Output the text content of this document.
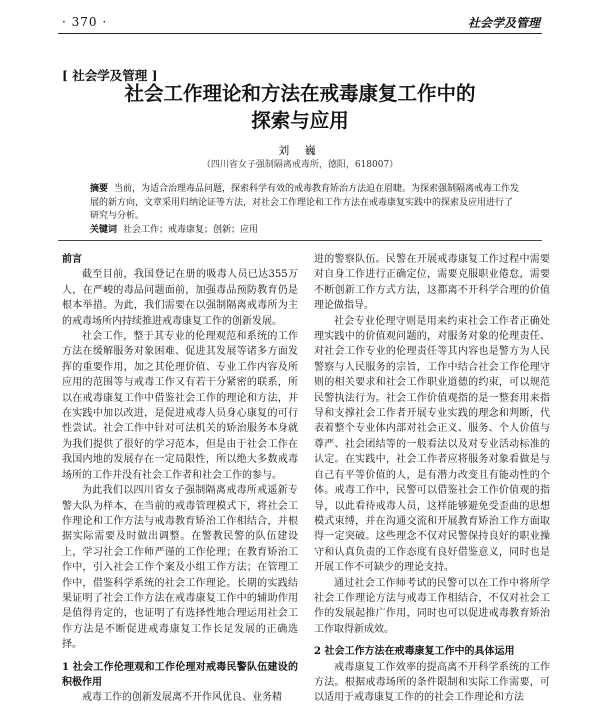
· 370 ·	社会学及管理
[ 社会学及管理 ]
社会工作理论和方法在戒毒康复工作中的
探索与应用
刘 巍
（四川省女子强制隔离戒毒所，德阳，618007）
摘要 当前，为适合治理毒品问题，探索科学有效的戒毒教育矫治方法迫在眉睫。为探索强制隔离戒毒工作发展的新方向，文章采用归纳论证等方法，对社会工作理论和工作方法在戒毒康复实践中的探索及应用进行了研究与分析。
关键词 社会工作；戒毒康复；创新；应用
前言

截至目前，我国登记在册的吸毒人员已达355万人，在严峻的毒品问题面前，加强毒品预防教育仍是根本举措。为此，我们需要在以强制隔离戒毒所为主的戒毒场所内持续推进戒毒康复工作的创新发展。

社会工作，整于其专业的伦理观范和系统的工作方法在缓解服务对象困难、促进其发展等诸多方面发挥的重要作用，加之其伦理价值、专业工作内容及所应用的范围等与戒毒工作又有若干分紧密的联系，所以在戒毒康复工作中借鉴社会工作的理论和方法，并在实践中加以改进，是促进戒毒人员身心康复的可行性尝试。社会工作中针对可法机关的矫治服务本身就为我们提供了很好的学习范本，但是由于社会工作在我国内地的发展存在一定局限性，所以绝大多数戒毒场所的工作并没有社会工作者和社会工作的参与。

为此我们以四川省女子强制隔离戒毒所戒遥新专警大队为样本，在当前的戒毒管理模式下，将社会工作理论和工作方法与戒毒教育矫治工作相结合，并根据实际需要及时做出调整。在警教民警的队伍建设上，学习社会工作师严谨的工作伦理；在教育矫治工作中，引入社会工作个案及小组工作方法；在管理工作中，借鉴科学系统的社会工作理论。长期的实践结果证明了社会工作方法在戒毒康复工作中的辅助作用是值得肯定的，也证明了有选择性地合理运用社会工作方法是不断促进戒毒康复工作长足发展的正确选择。

1 社会工作伦理观和工作伦理对戒毒民警队伍建设的积极作用

戒毒工作的创新发展离不开作风优良、业务精

进的警察队伍。民警在开展戒毒康复工作过程中需要对自身工作进行正确定位，需要克服职业倦怠，需要不断创新工作方式方法，这都离不开科学合理的价值理论做指导。

社会专业伦理守则是用来约束社会工作者正确处理实践中的价值观问题的，对服务对象的伦理责任、对社会工作专业的伦理责任等其内容也是警方为人民警察与人民服务的宗旨，工作中结合社会工作伦理守则的相关要求和社会工作职业道德的约束，可以规范民警执法行为。社会工作价值观指的是一整套用来指导和支撑社会工作者开展专业实践的理念和判断，代表着整个专业体内部对社会正义、服务、个人价值与尊严、社会团结等的一般看法以及对专业活动标准的认定。在实践中，社会工作者应将服务对象看做是与自己有平等价值的人，是有潜力改变且有能动性的个体。戒毒工作中，民警可以借鉴社会工作价值观的指导，以此看待戒毒人员，这样能够避免受歪曲的思想模式束缚，并在沟通交流和开展教育矫治工作方面取得一定突破。这些理念不仅对民警保持良好的职业操守和认真负责的工作态度有良好借鉴意义，同时也是开展工作不可缺少的理论支持。

通过社会工作师考试的民警可以在工作中将所学社会工作理论方法与戒毒工作相结合，不仅对社会工作的发展起推广作用，同时也可以促进戒毒教育矫治工作取得新成效。

2 社会工作方法在戒毒康复工作中的具体运用

戒毒康复工作效率的提高离不开科学系统的工作方法。根据戒毒场所的条件限制和实际工作需要，可以适用于戒毒康复工作的的社会工作理论和方法
